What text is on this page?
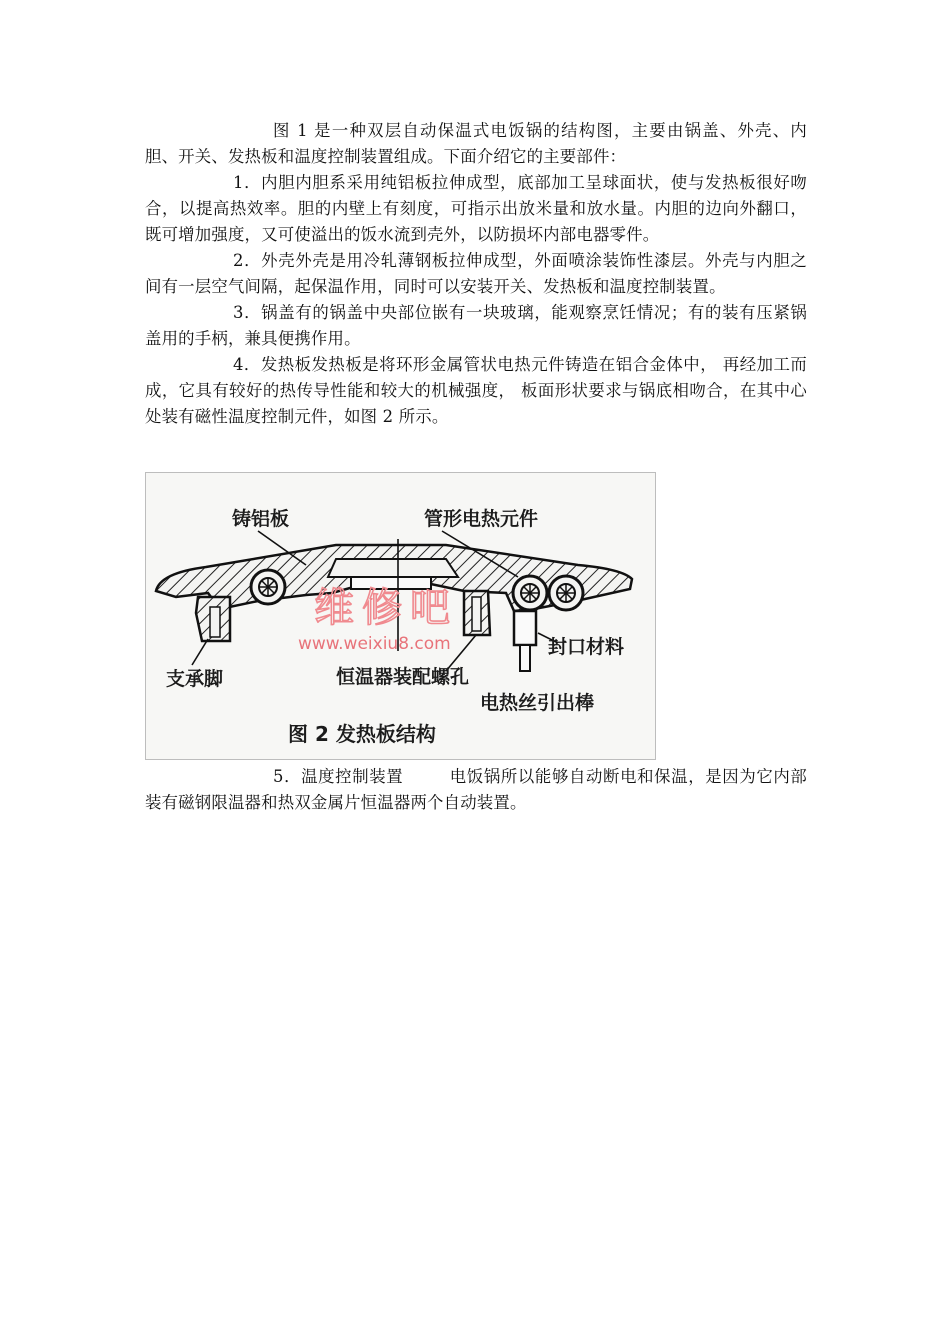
图 1 是一种双层自动保温式电饭锅的结构图，主要由锅盖、外壳、内胆、开关、发热板和温度控制装置组成。下面介绍它的主要部件：

1．内胆内胆系采用纯铝板拉伸成型，底部加工呈球面状，使与发热板很好吻合，以提高热效率。胆的内壁上有刻度，可指示出放米量和放水量。内胆的边向外翻口，既可增加强度，又可使溢出的饭水流到壳外，以防损坏内部电器零件。

2．外壳外壳是用冷轧薄钢板拉伸成型，外面喷涂装饰性漆层。外壳与内胆之间有一层空气间隔，起保温作用，同时可以安装开关、发热板和温度控制装置。

3．锅盖有的锅盖中央部位嵌有一块玻璃，能观察烹饪情况；有的装有压紧锅盖用的手柄，兼具便携作用。

4．发热板发热板是将环形金属管状电热元件铸造在铝合金体中， 再经加工而成，它具有较好的热传导性能和较大的机械强度， 板面形状要求与锅底相吻合，在其中心处装有磁性温度控制元件，如图 2 所示。

维修吧
www.weixiu8.com
铸铝板	管形电热元件
封口材料
支承脚	恒温器装配螺孔
电热丝引出棒
图 2 发热板结构

5．温度控制装置	电饭锅所以能够自动断电和保温，是因为它内部装有磁钢限温器和热双金属片恒温器两个自动装置。
